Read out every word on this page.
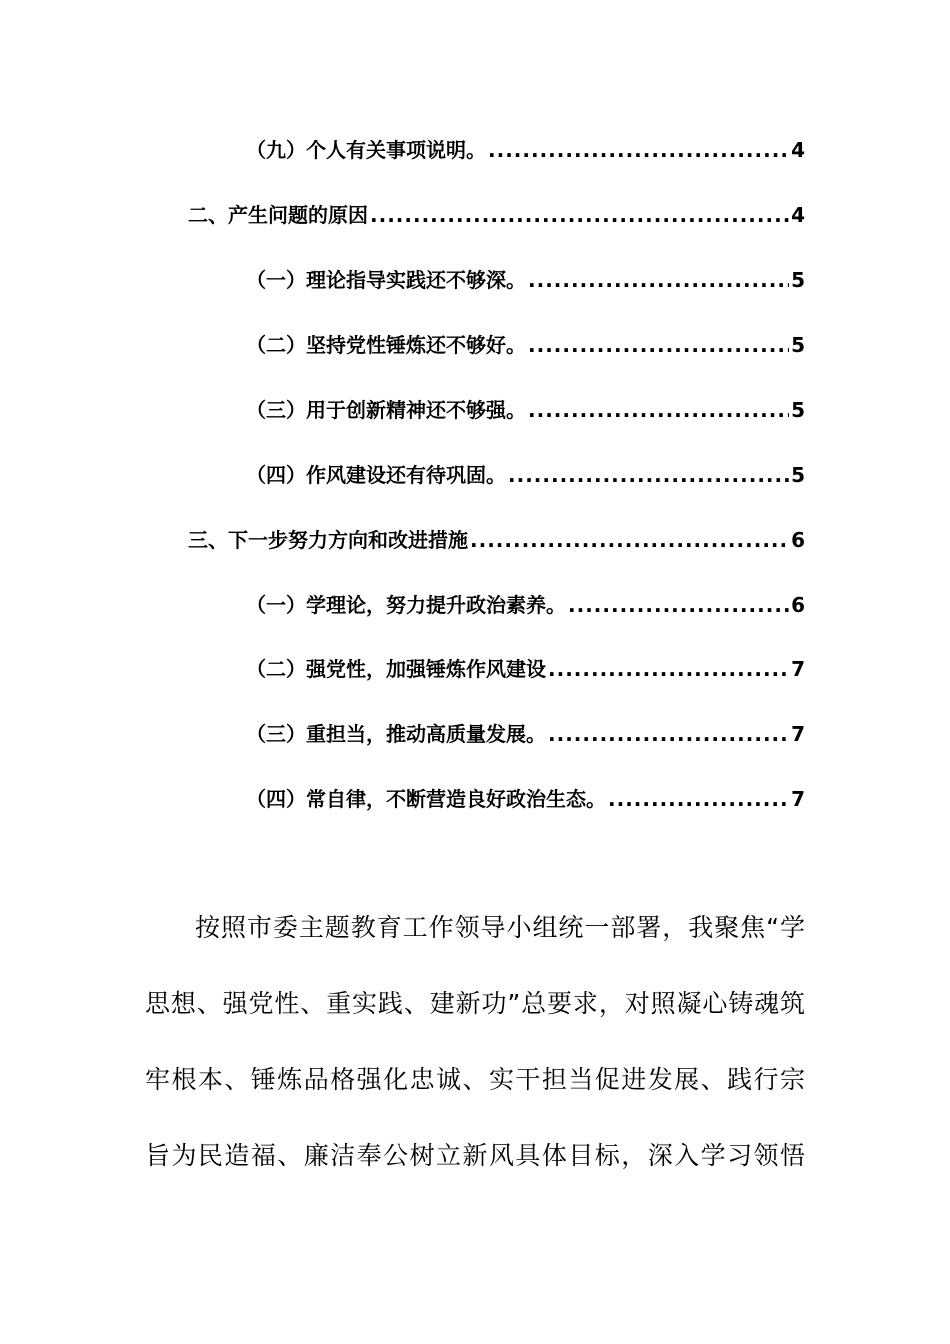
（九）个人有关事项说明。 .....	4
二、产生问题的原因 .....	4
（一）理论指导实践还不够深。 .....	5
（二）坚持党性锤炼还不够好。 .....	5
（三）用于创新精神还不够强。 .....	5
（四）作风建设还有待巩固。 .....	5
三、下一步努力方向和改进措施 .....	6
（一）学理论，努力提升政治素养。 .....	6
（二）强党性，加强锤炼作风建设 .....	7
（三）重担当，推动高质量发展。 .....	7
（四）常自律，不断营造良好政治生态。 .....	7
按照市委主题教育工作领导小组统一部署，我聚焦“学
思想、强党性、重实践、建新功”总要求，对照凝心铸魂筑
牢根本、锤炼品格强化忠诚、实干担当促进发展、践行宗
旨为民造福、廉洁奉公树立新风具体目标，深入学习领悟
